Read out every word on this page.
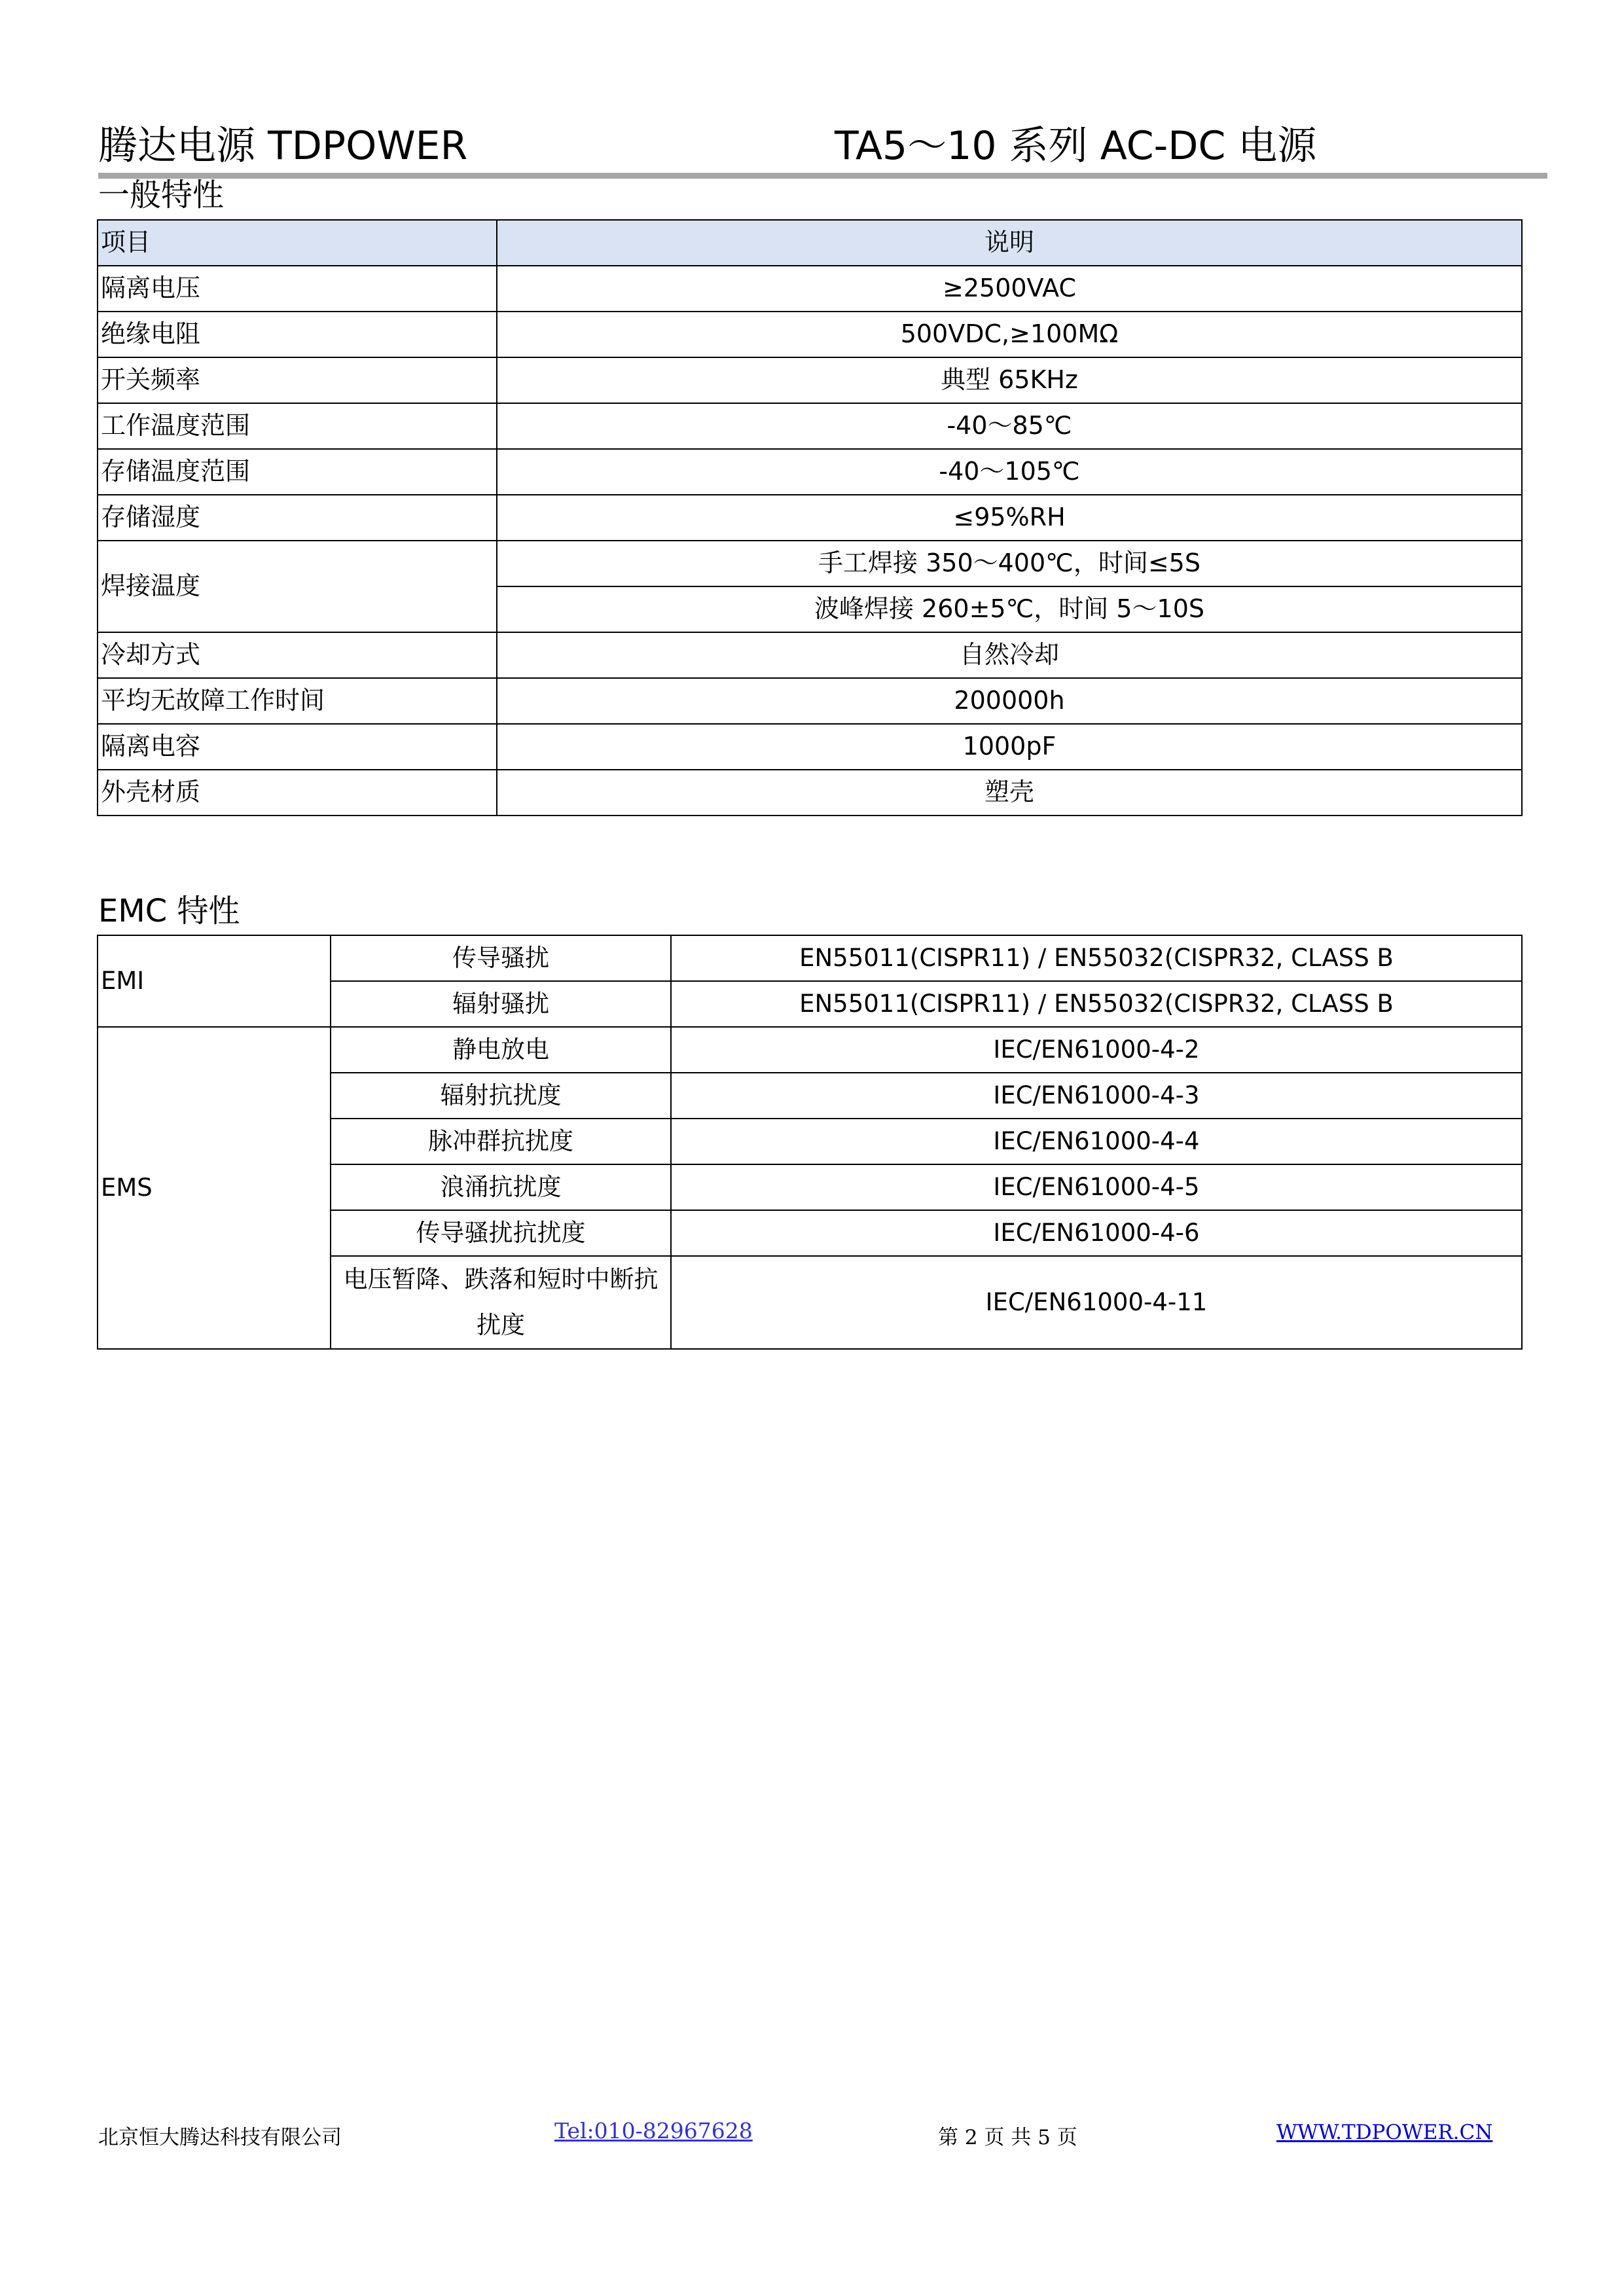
腾达电源 TDPOWER	TA5～10 系列 AC-DC 电源
一般特性
项目	说明
隔离电压	≥2500VAC
绝缘电阻	500VDC,≥100MΩ
开关频率	典型 65KHz
工作温度范围	-40～85℃
存储温度范围	-40～105℃
存储湿度	≤95%RH
焊接温度	手工焊接 350～400℃，时间≤5S
	波峰焊接 260±5℃，时间 5～10S
冷却方式	自然冷却
平均无故障工作时间	200000h
隔离电容	1000pF
外壳材质	塑壳
EMC 特性
EMI	传导骚扰	EN55011(CISPR11) / EN55032(CISPR32, CLASS B
	辐射骚扰	EN55011(CISPR11) / EN55032(CISPR32, CLASS B
EMS	静电放电	IEC/EN61000-4-2
	辐射抗扰度	IEC/EN61000-4-3
	脉冲群抗扰度	IEC/EN61000-4-4
	浪涌抗扰度	IEC/EN61000-4-5
	传导骚扰抗扰度	IEC/EN61000-4-6
	电压暂降、跌落和短时中断抗扰度	IEC/EN61000-4-11
北京恒大腾达科技有限公司	Tel:010-82967628	第 2 页 共 5 页	WWW.TDPOWER.CN
